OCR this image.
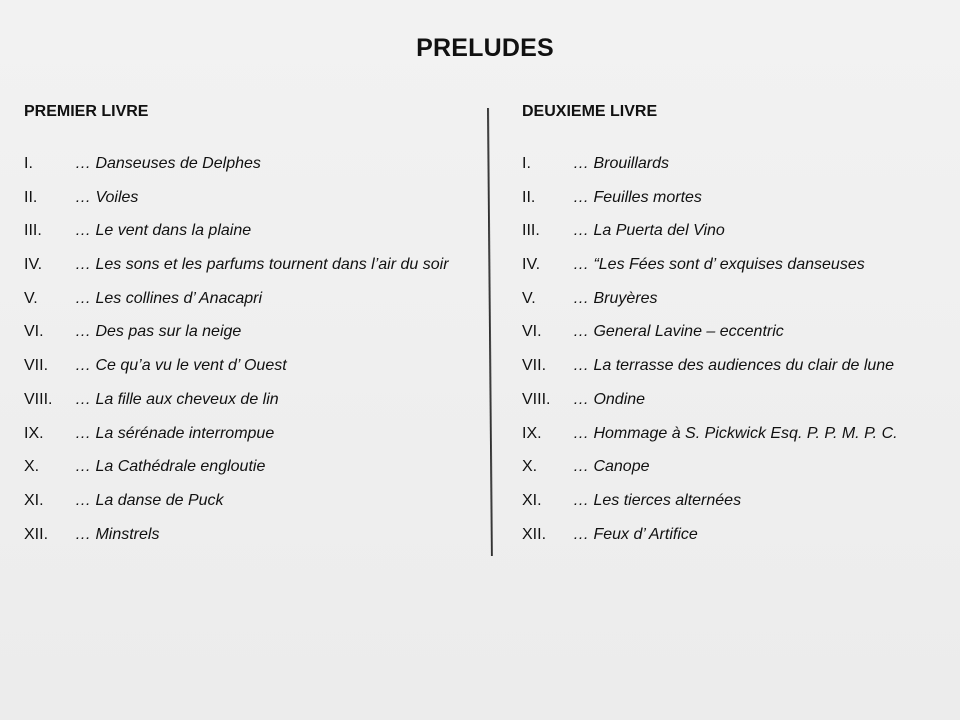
PRELUDES
PREMIER LIVRE
I.	… Danseuses de Delphes
II.	… Voiles
III.	… Le vent dans la plaine
IV.	… Les sons et les parfums tournent dans l’air du soir
V.	… Les collines d’ Anacapri
VI.	… Des pas sur la neige
VII.	… Ce qu’a vu le vent d’ Ouest
VIII.	… La fille aux cheveux de lin
IX.	… La sérénade interrompue
X.	… La Cathédrale engloutie
XI.	… La danse de Puck
XII.	… Minstrels
DEUXIEME LIVRE
I.	… Brouillards
II.	… Feuilles mortes
III.	… La Puerta del Vino
IV.	… “Les Fées sont d’ exquises danseuses
V.	… Bruyères
VI.	… General Lavine – eccentric
VII.	… La terrasse des audiences du clair de lune
VIII.	… Ondine
IX.	… Hommage à S. Pickwick Esq. P. P. M. P. C.
X.	… Canope
XI.	… Les tierces alternées
XII.	… Feux d’ Artifice
